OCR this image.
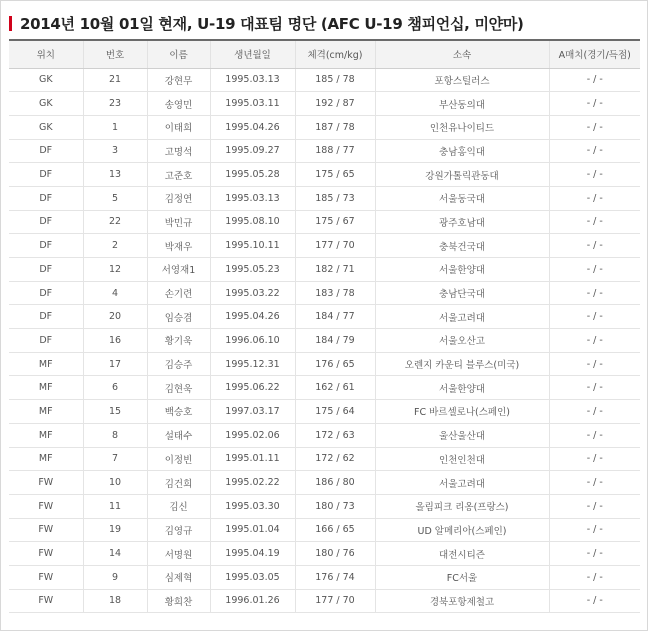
2014년 10월 01일 현재, U-19 대표팀 명단 (AFC U-19 챔피언십, 미얀마)
위치	번호	이름	생년월일	체격(cm/kg)	소속	A매치(경기/득점)
GK	21	강현무	1995.03.13	185 / 78	포항스틸러스	- / -
GK	23	송영민	1995.03.11	192 / 87	부산동의대	- / -
GK	1	이태희	1995.04.26	187 / 78	인천유나이티드	- / -
DF	3	고명석	1995.09.27	188 / 77	충남홍익대	- / -
DF	13	고준호	1995.05.28	175 / 65	강원가톨릭관동대	- / -
DF	5	김정연	1995.03.13	185 / 73	서울동국대	- / -
DF	22	박민규	1995.08.10	175 / 67	광주호남대	- / -
DF	2	박재우	1995.10.11	177 / 70	충북건국대	- / -
DF	12	서영재1	1995.05.23	182 / 71	서울한양대	- / -
DF	4	손기련	1995.03.22	183 / 78	충남단국대	- / -
DF	20	임승겸	1995.04.26	184 / 77	서울고려대	- / -
DF	16	황기욱	1996.06.10	184 / 79	서울오산고	- / -
MF	17	김승주	1995.12.31	176 / 65	오렌지 카운티 블루스(미국)	- / -
MF	6	김현욱	1995.06.22	162 / 61	서울한양대	- / -
MF	15	백승호	1997.03.17	175 / 64	FC 바르셀로나(스페인)	- / -
MF	8	설태수	1995.02.06	172 / 63	울산울산대	- / -
MF	7	이정빈	1995.01.11	172 / 62	인천인천대	- / -
FW	10	김건희	1995.02.22	186 / 80	서울고려대	- / -
FW	11	김신	1995.03.30	180 / 73	올림피크 리옹(프랑스)	- / -
FW	19	김영규	1995.01.04	166 / 65	UD 알메리아(스페인)	- / -
FW	14	서명원	1995.04.19	180 / 76	대전시티즌	- / -
FW	9	심제혁	1995.03.05	176 / 74	FC서울	- / -
FW	18	황희찬	1996.01.26	177 / 70	경북포항제철고	- / -
